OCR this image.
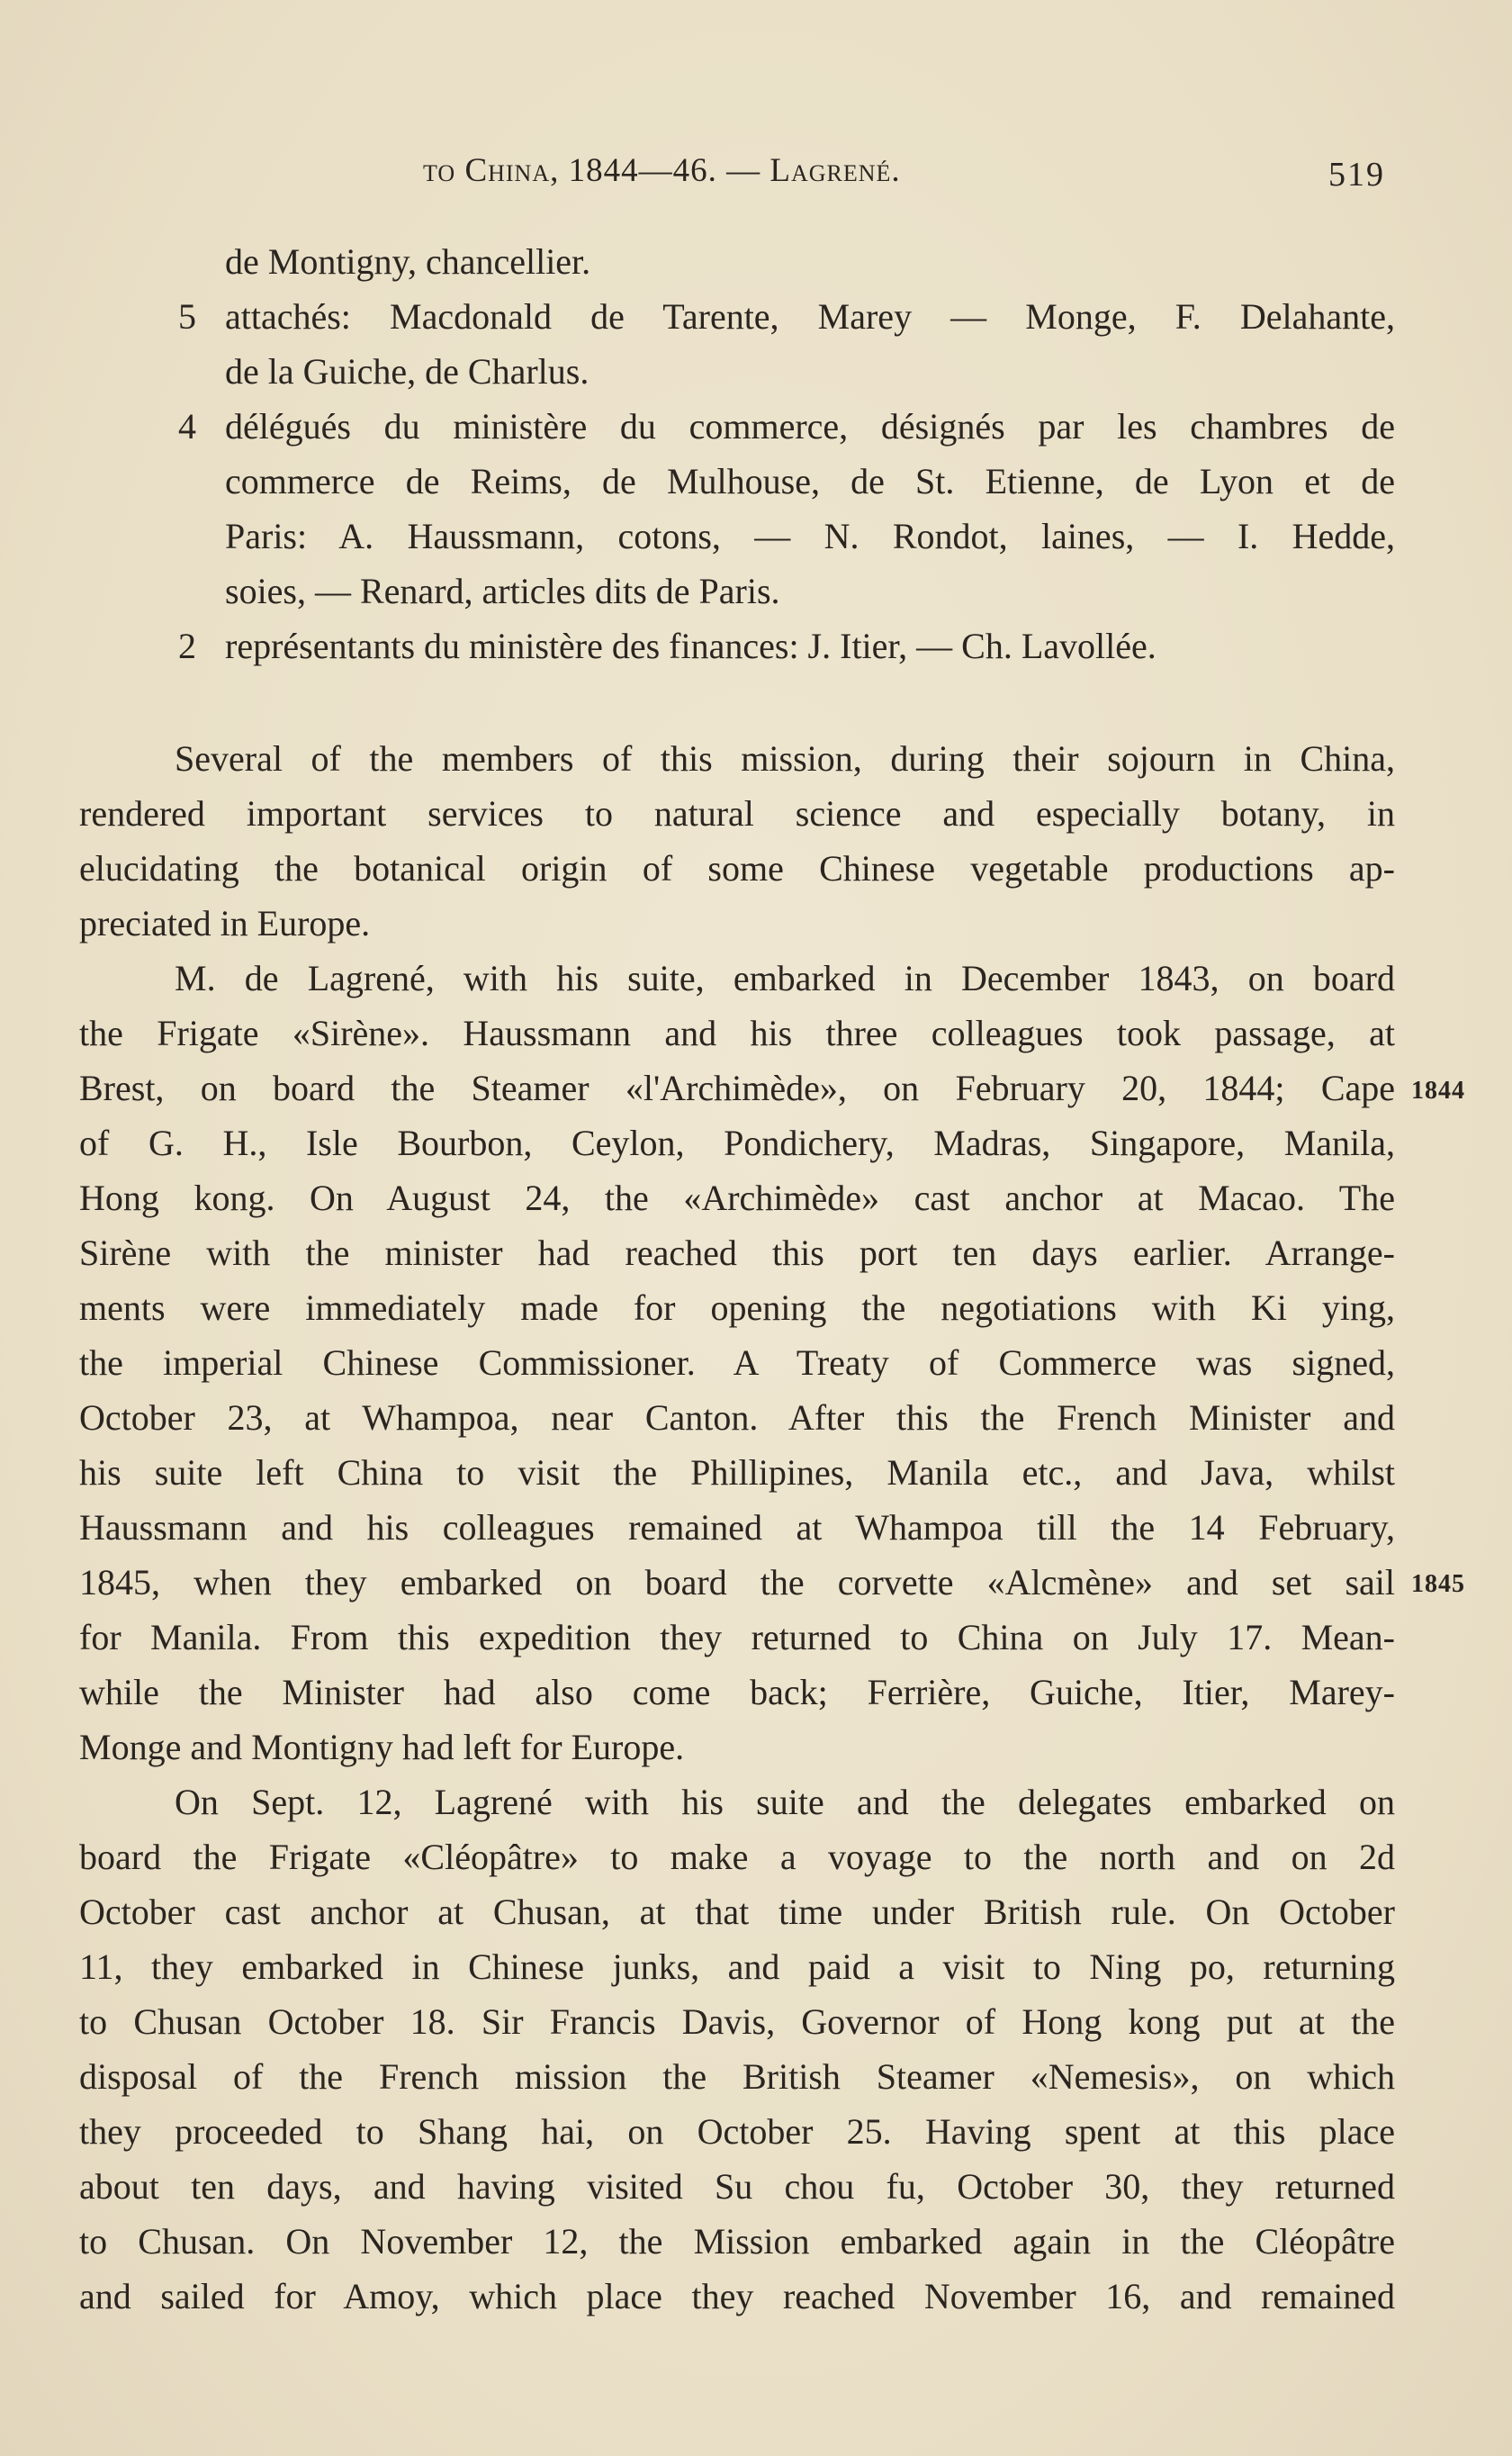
to China, 1844—46. — Lagrené.	519
de Montigny, chancellier.
5 attachés: Macdonald de Tarente, Marey — Monge, F. Delahante,
de la Guiche, de Charlus.
4 délégués du ministère du commerce, désignés par les chambres de
commerce de Reims, de Mulhouse, de St. Etienne, de Lyon et de
Paris: A. Haussmann, cotons, — N. Rondot, laines, — I. Hedde,
soies, — Renard, articles dits de Paris.
2 représentants du ministère des finances: J. Itier, — Ch. Lavollée.

Several of the members of this mission, during their sojourn in China,
rendered important services to natural science and especially botany, in
elucidating the botanical origin of some Chinese vegetable productions ap-
preciated in Europe.

M. de Lagrené, with his suite, embarked in December 1843, on board
the Frigate «Sirène». Haussmann and his three colleagues took passage, at
Brest, on board the Steamer «l'Archimède», on February 20, 1844; Cape
of G. H., Isle Bourbon, Ceylon, Pondichery, Madras, Singapore, Manila,
Hong kong. On August 24, the «Archimède» cast anchor at Macao. The
Sirène with the minister had reached this port ten days earlier. Arrange-
ments were immediately made for opening the negotiations with Ki ying,
the imperial Chinese Commissioner. A Treaty of Commerce was signed,
October 23, at Whampoa, near Canton. After this the French Minister and
his suite left China to visit the Phillipines, Manila etc., and Java, whilst
Haussmann and his colleagues remained at Whampoa till the 14 February,
1845, when they embarked on board the corvette «Alcmène» and set sail
for Manila. From this expedition they returned to China on July 17. Mean-
while the Minister had also come back; Ferrière, Guiche, Itier, Marey-
Monge and Montigny had left for Europe.

On Sept. 12, Lagrené with his suite and the delegates embarked on
board the Frigate «Cléopâtre» to make a voyage to the north and on 2d
October cast anchor at Chusan, at that time under British rule. On October
11, they embarked in Chinese junks, and paid a visit to Ning po, returning
to Chusan October 18. Sir Francis Davis, Governor of Hong kong put at the
disposal of the French mission the British Steamer «Nemesis», on which
they proceeded to Shang hai, on October 25. Having spent at this place
about ten days, and having visited Su chou fu, October 30, they returned
to Chusan. On November 12, the Mission embarked again in the Cléopâtre
and sailed for Amoy, which place they reached November 16, and remained

1844
1845
